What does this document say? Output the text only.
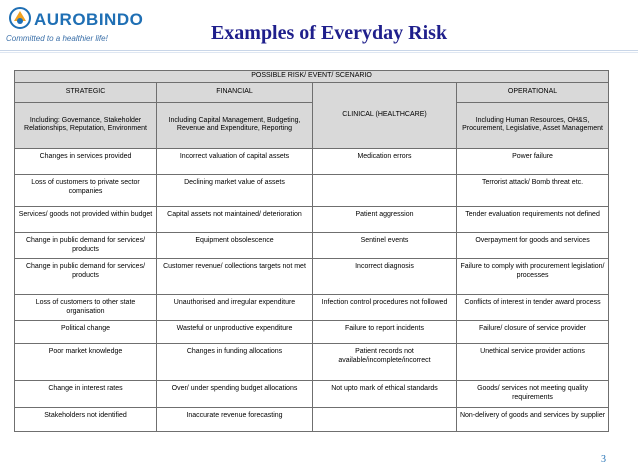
AUROBINDO
Committed to a healthier life!	Examples of Everyday Risk
POSSIBLE RISK/ EVENT/ SCENARIO			
STRATEGIC	FINANCIAL	CLINICAL (HEALTHCARE)	OPERATIONAL
Including: Governance, Stakeholder Relationships, Reputation, Environment	Including Capital Management, Budgeting, Revenue and Expenditure, Reporting		Including Human Resources, OH&S, Procurement, Legislative, Asset Management
Changes in services provided	Incorrect valuation of capital assets	Medication errors	Power failure
Loss of customers to private sector companies	Declining market value of assets		Terrorist attack/ Bomb threat etc.
Services/ goods not provided within budget	Capital assets not maintained/ deterioration	Patient aggression	Tender evaluation requirements not defined
Change in public demand for services/ products	Equipment obsolescence	Sentinel events	Overpayment for goods and services
Change in public demand for services/ products	Customer revenue/ collections targets not met	Incorrect diagnosis	Failure to comply with procurement legislation/ processes
Loss of customers to other state organisation	Unauthorised and irregular expenditure	Infection control procedures not followed	Conflicts of interest in tender award process
Political change	Wasteful or unproductive expenditure	Failure to report incidents	Failure/ closure of service provider
Poor market knowledge	Changes in funding allocations	Patient records not available/incomplete/incorrect	Unethical service provider actions
Change in interest rates	Over/ under spending budget allocations	Not upto mark of ethical standards	Goods/ services not meeting quality requirements
Stakeholders not identified	Inaccurate revenue forecasting		Non-delivery of goods and services by supplier
3
